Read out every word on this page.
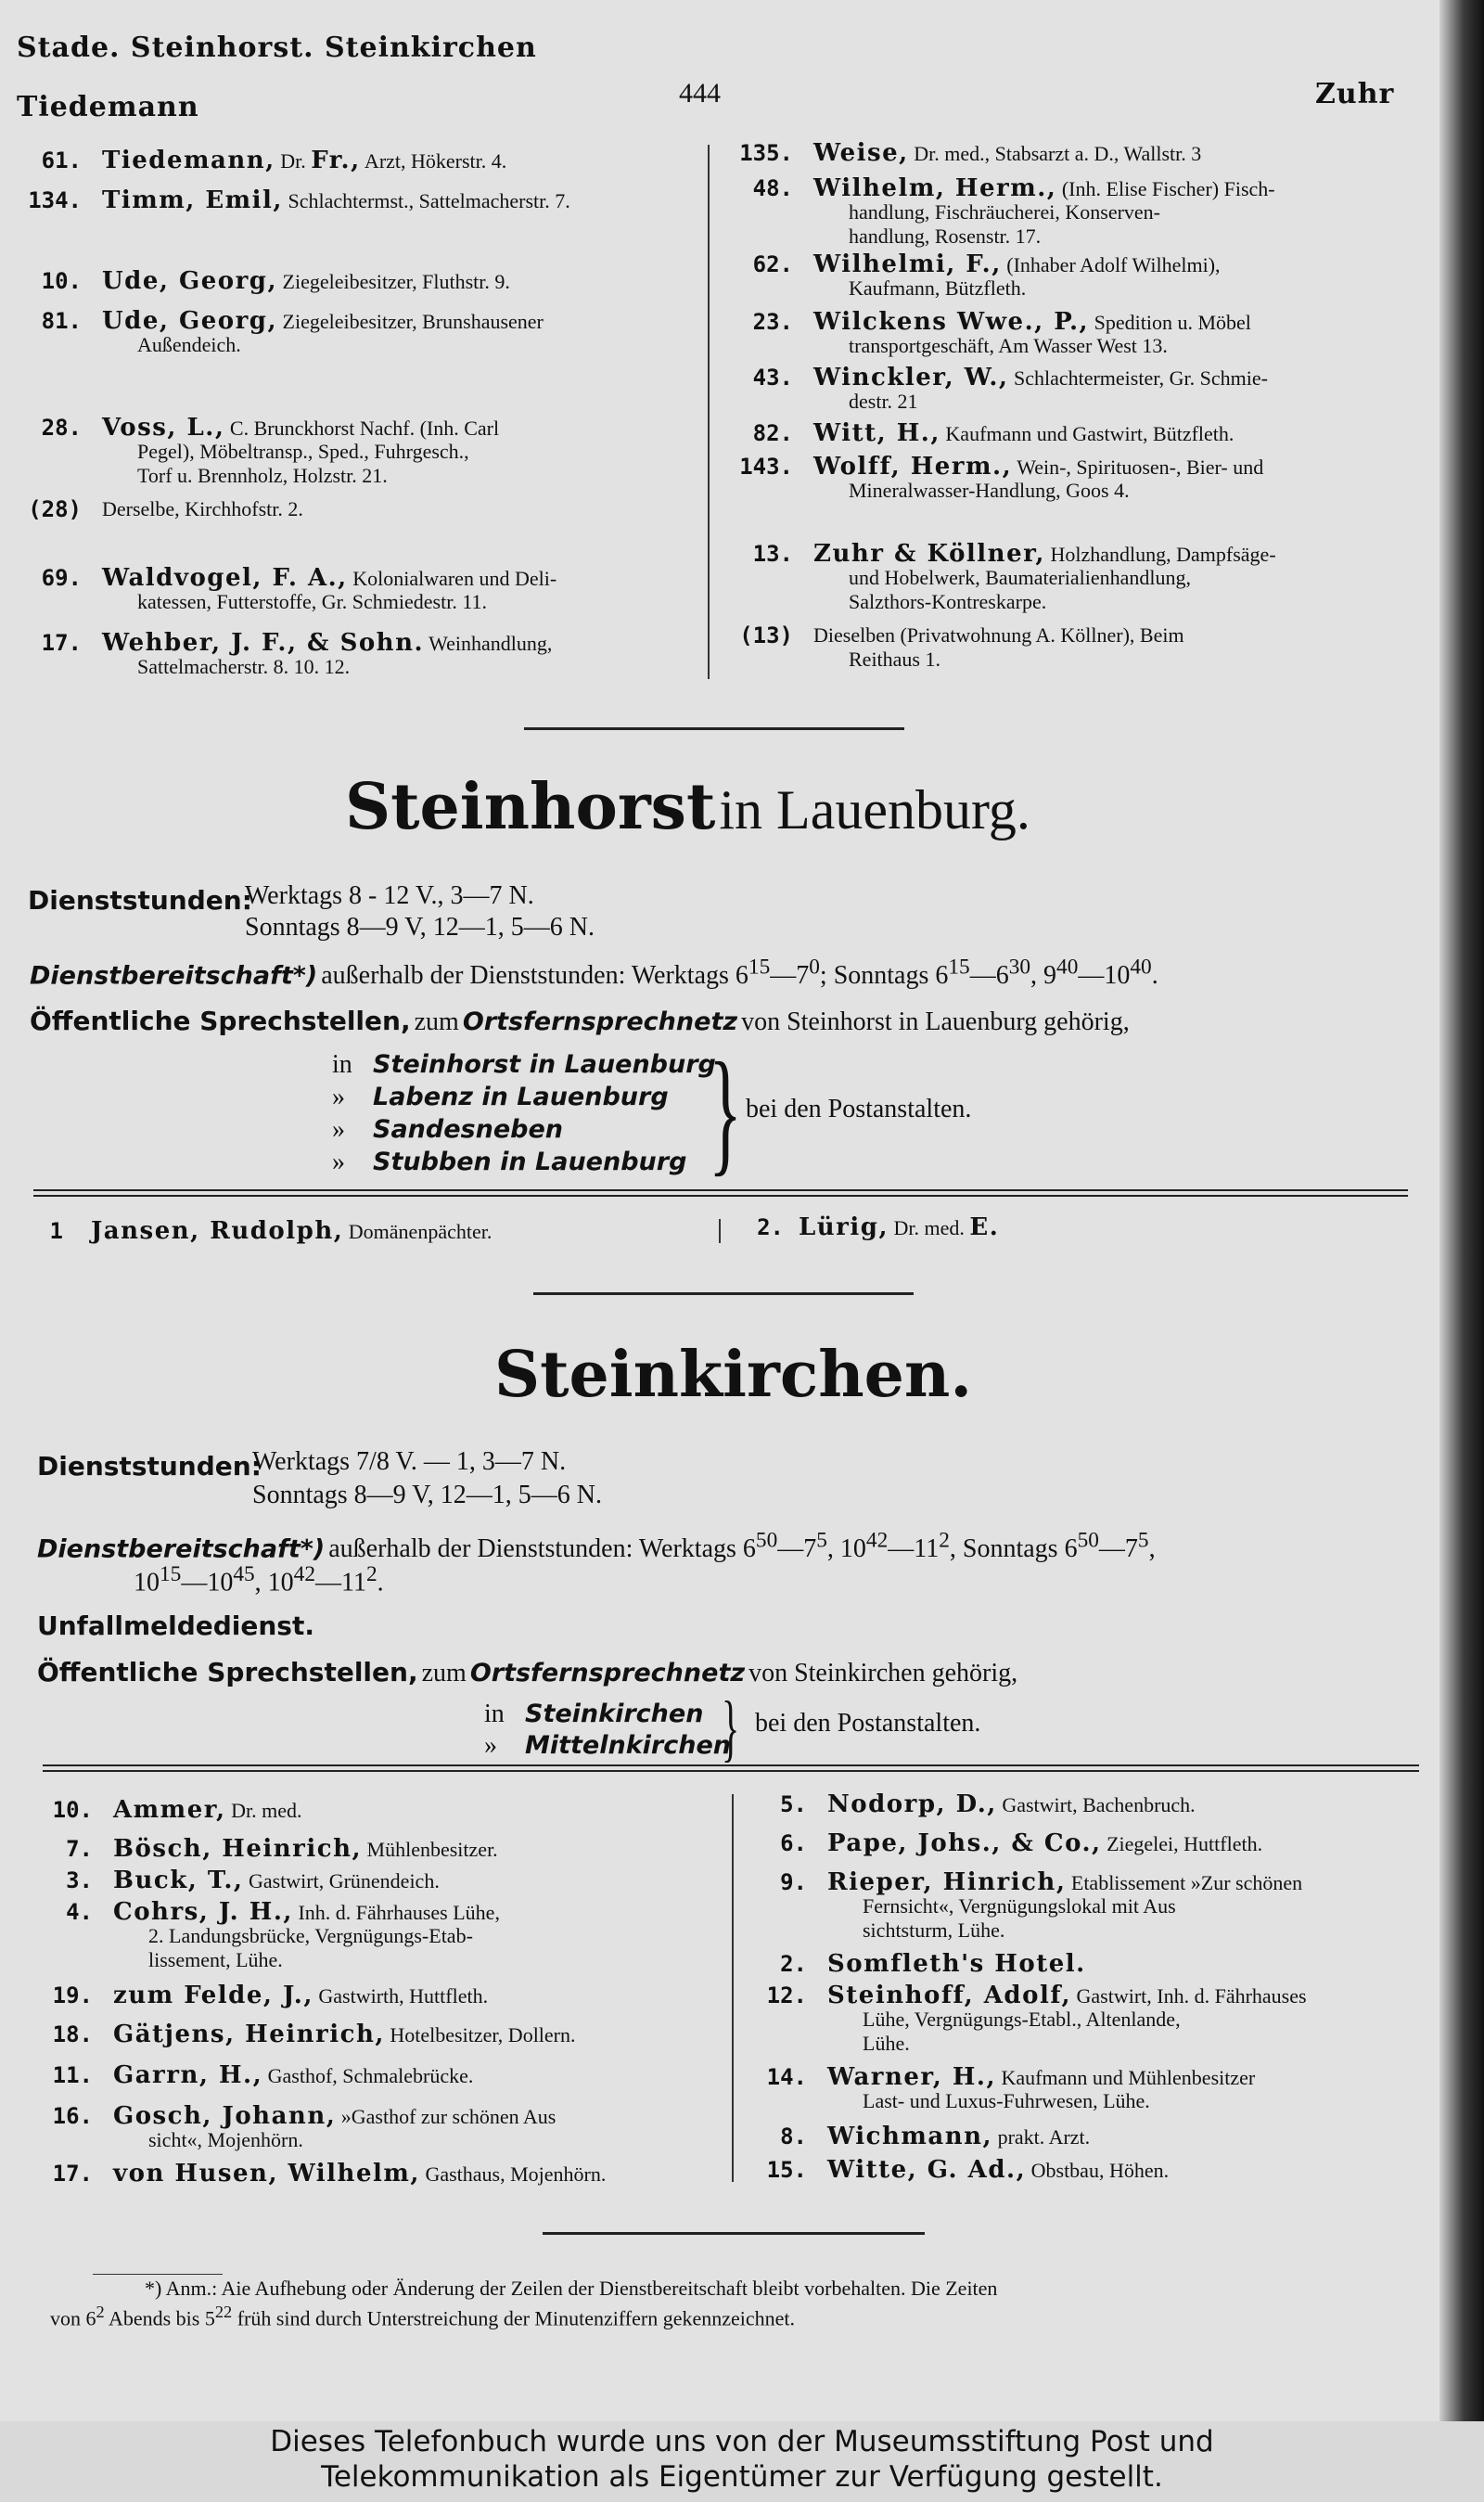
Stade. Steinhorst. Steinkirchen
Tiedemann	444	Zuhr
61. Tiedemann, Dr. Fr., Arzt, Hökerstr. 4.
134. Timm, Emil, Schlachtermst., Sattelmacherstr. 7.
10. Ude, Georg, Ziegeleibesitzer, Fluthstr. 9.
81. Ude, Georg, Ziegeleibesitzer, Brunshausener
Außendeich.
28. Voss, L., C. Brunckhorst Nachf. (Inh. Carl
Pegel), Möbeltransp., Sped., Fuhrgesch.,
Torf u. Brennholz, Holzstr. 21.
(28) Derselbe, Kirchhofstr. 2.
69. Waldvogel, F. A., Kolonialwaren und Deli-
katessen, Futterstoffe, Gr. Schmiedestr. 11.
17. Wehber, J. F., & Sohn. Weinhandlung,
Sattelmacherstr. 8. 10. 12.
135. Weise, Dr. med., Stabsarzt a. D., Wallstr. 3
48. Wilhelm, Herm., (Inh. Elise Fischer) Fisch-
handlung, Fischräucherei, Konserven-
handlung, Rosenstr. 17.
62. Wilhelmi, F., (Inhaber Adolf Wilhelmi),
Kaufmann, Bützfleth.
23. Wilckens Wwe., P., Spedition u. Möbel
transportgeschäft, Am Wasser West 13.
43. Winckler, W., Schlachtermeister, Gr. Schmie-
destr. 21
82. Witt, H., Kaufmann und Gastwirt, Bützfleth.
143. Wolff, Herm., Wein-, Spirituosen-, Bier- und
Mineralwasser-Handlung, Goos 4.
13. Zuhr & Köllner, Holzhandlung, Dampfsäge-
und Hobelwerk, Baumaterialienhandlung,
Salzthors-Kontreskarpe.
(13) Dieselben (Privatwohnung A. Köllner), Beim
Reithaus 1.
Steinhorst in Lauenburg.
Dienststunden:
Werktags 8 - 12 V., 3—7 N.
Sonntags 8—9 V, 12—1, 5—6 N.
Dienstbereitschaft*) außerhalb der Dienststunden: Werktags $6^{15}—7^0$; Sonntags $6^{15}—6^{30}$, $9^{40}—10^{40}$.
Öffentliche Sprechstellen, zum Ortsfernsprechnetz von Steinhorst in Lauenburg gehörig,
in Steinhorst in Lauenburg
» Labenz in Lauenburg
» Sandesneben
» Stubben in Lauenburg } bei den Postanstalten.
1 Jansen, Rudolph, Domänenpächter.	2. Lürig, Dr. med. E.
Steinkirchen.
Dienststunden:
Werktags 7/8 V. — 1, 3—7 N.
Sonntags 8—9 V, 12—1, 5—6 N.
Dienstbereitschaft*) außerhalb der Dienststunden: Werktags $6^{50}—7^5$, $10^{42}—11^2$, Sonntags $6^{50}—7^5$,
$10^{15}—10^{45}$, $10^{42}—11^2$.
Unfallmeldedienst.
Öffentliche Sprechstellen, zum Ortsfernsprechnetz von Steinkirchen gehörig,
in Steinkirchen
» Mittelnkirchen
} bei den Postanstalten.
10. Ammer, Dr. med.
7. Bösch, Heinrich, Mühlenbesitzer.
3. Buck, T., Gastwirt, Grünendeich.
4. Cohrs, J. H., Inh. d. Fährhauses Lühe,
2. Landungsbrücke, Vergnügungs-Etab-
lissement, Lühe.
19. zum Felde, J., Gastwirth, Huttfleth.
18. Gätjens, Heinrich, Hotelbesitzer, Dollern.
11. Garrn, H., Gasthof, Schmalebrücke.
16. Gosch, Johann, »Gasthof zur schönen Aus
sicht«, Mojenhörn.
17. von Husen, Wilhelm, Gasthaus, Mojenhörn.
5. Nodorp, D., Gastwirt, Bachenbruch.
6. Pape, Johs., & Co., Ziegelei, Huttfleth.
9. Rieper, Hinrich, Etablissement »Zur schönen
Fernsicht«, Vergnügungslokal mit Aus
sichtsturm, Lühe.
2. Somfleth's Hotel.
12. Steinhoff, Adolf, Gastwirt, Inh. d. Fährhauses
Lühe, Vergnügungs-Etabl., Altenlande,
Lühe.
14. Warner, H., Kaufmann und Mühlenbesitzer
Last- und Luxus-Fuhrwesen, Lühe.
8. Wichmann, prakt. Arzt.
15. Witte, G. Ad., Obstbau, Höhen.
*) Anm.: Aie Aufhebung oder Änderung der Zeilen der Dienstbereitschaft bleibt vorbehalten. Die Zeiten
von $6^2$ Abends bis $5^{22}$ früh sind durch Unterstreichung der Minutenziffern gekennzeichnet.
Dieses Telefonbuch wurde uns von der Museumsstiftung Post und
Telekommunikation als Eigentümer zur Verfügung gestellt.
